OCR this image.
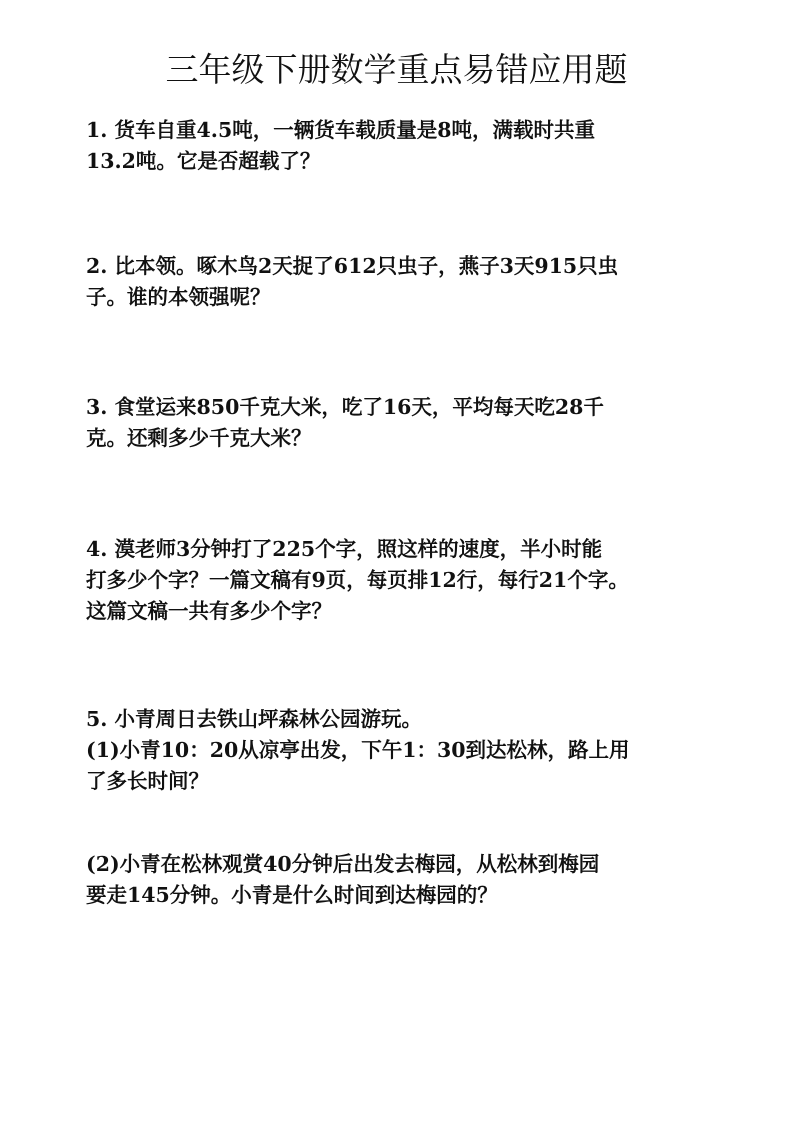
三年级下册数学重点易错应用题
1. 货车自重4.5吨，一辆货车载质量是8吨，满载时共重
13.2吨。它是否超载了？
2. 比本领。啄木鸟2天捉了612只虫子，燕子3天915只虫
子。谁的本领强呢？
3. 食堂运来850千克大米，吃了16天，平均每天吃28千
克。还剩多少千克大米？
4. 漠老师3分钟打了225个字，照这样的速度，半小时能
打多少个字？一篇文稿有9页，每页排12行，每行21个字。
这篇文稿一共有多少个字？
5. 小青周日去铁山坪森林公园游玩。
(1)小青10：20从凉亭出发，下午1：30到达松林，路上用
了多长时间？
(2)小青在松林观赏40分钟后出发去梅园，从松林到梅园
要走145分钟。小青是什么时间到达梅园的？
